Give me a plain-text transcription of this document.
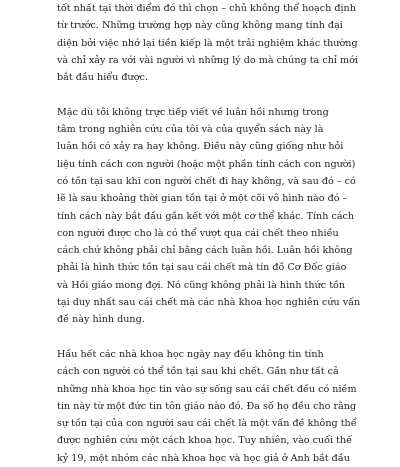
tốt nhất tại thời điểm đó thì chọn – chủ không thể hoạch định
từ trước. Những trường hợp này cũng không mang tính đại
diện bởi việc nhớ lại tiền kiếp là một trải nghiệm khác thường
và chỉ xảy ra với vài người vì những lý do mà chúng ta chỉ mới
bắt đầu hiểu được.
Mặc dù tôi không trực tiếp viết về luân hồi nhưng trong
tâm trong nghiên cứu của tôi và của quyển sách này là
luân hồi có xảy ra hay không. Điều này cũng giống như hỏi
liệu tính cách con người (hoặc một phần tính cách con người)
có tồn tại sau khi con người chết đi hay không, và sau đó – có
lẽ là sau khoảng thời gian tồn tại ở một cõi vô hình nào đó –
tính cách này bắt đầu gắn kết với một cơ thể khác. Tính cách
con người được cho là có thể vượt qua cái chết theo nhiều
cách chứ không phải chỉ bằng cách luân hồi. Luân hồi không
phải là hình thức tồn tại sau cái chết mà tín đồ Cơ Đốc giáo
và Hồi giáo mong đợi. Nó cũng không phải là hình thức tồn
tại duy nhất sau cái chết mà các nhà khoa học nghiên cứu vấn
đề này hình dung.
Hầu hết các nhà khoa học ngày nay đều không tin tính
cách con người có thể tồn tại sau khi chết. Gần như tất cả
những nhà khoa học tin vào sự sống sau cái chết đều có niềm
tin này từ một đức tin tôn giáo nào đó. Đa số họ đều cho rằng
sự tồn tại của con người sau cái chết là một vấn đề không thể
được nghiên cứu một cách khoa học. Tuy nhiên, vào cuối thế
kỷ 19, một nhóm các nhà khoa học và học giả ở Anh bắt đầu
